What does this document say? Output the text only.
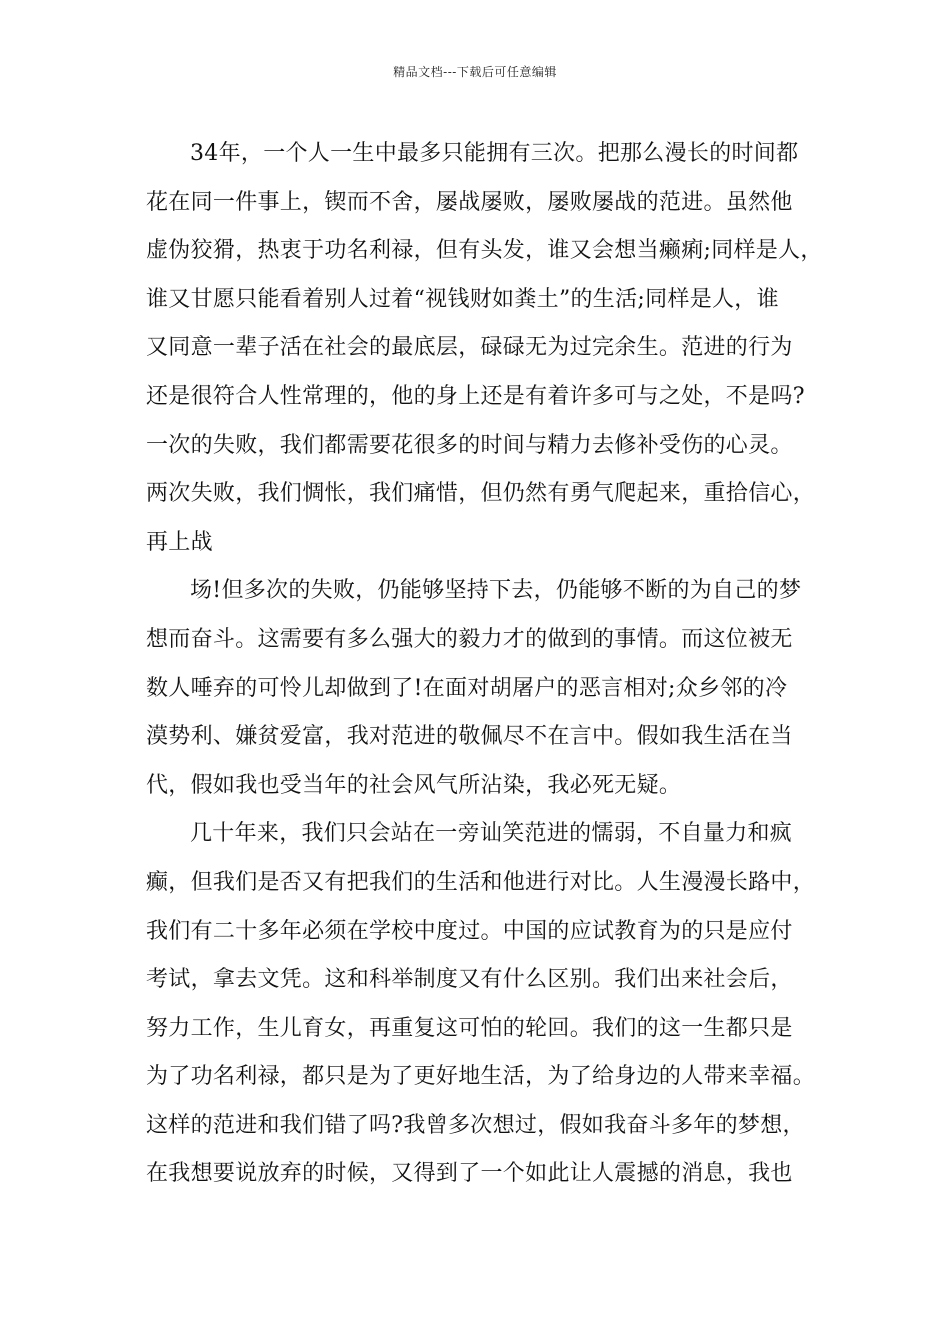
精品文档---下载后可任意编辑
34年，一个人一生中最多只能拥有三次。把那么漫长的时间都
花在同一件事上，锲而不舍，屡战屡败，屡败屡战的范进。虽然他
虚伪狡猾，热衷于功名利禄，但有头发，谁又会想当癞痢;同样是人，
谁又甘愿只能看着别人过着“视钱财如粪土”的生活;同样是人，谁
又同意一辈子活在社会的最底层，碌碌无为过完余生。范进的行为
还是很符合人性常理的，他的身上还是有着许多可与之处，不是吗?
一次的失败，我们都需要花很多的时间与精力去修补受伤的心灵。
两次失败，我们惆怅，我们痛惜，但仍然有勇气爬起来，重拾信心，
再上战
场!但多次的失败，仍能够坚持下去，仍能够不断的为自己的梦
想而奋斗。这需要有多么强大的毅力才的做到的事情。而这位被无
数人唾弃的可怜儿却做到了!在面对胡屠户的恶言相对;众乡邻的冷
漠势利、嫌贫爱富，我对范进的敬佩尽不在言中。假如我生活在当
代，假如我也受当年的社会风气所沾染，我必死无疑。
几十年来，我们只会站在一旁讪笑范进的懦弱，不自量力和疯
癫，但我们是否又有把我们的生活和他进行对比。人生漫漫长路中，
我们有二十多年必须在学校中度过。中国的应试教育为的只是应付
考试，拿去文凭。这和科举制度又有什么区别。我们出来社会后，
努力工作，生儿育女，再重复这可怕的轮回。我们的这一生都只是
为了功名利禄，都只是为了更好地生活，为了给身边的人带来幸福。
这样的范进和我们错了吗?我曾多次想过，假如我奋斗多年的梦想，
在我想要说放弃的时候，又得到了一个如此让人震撼的消息，我也
